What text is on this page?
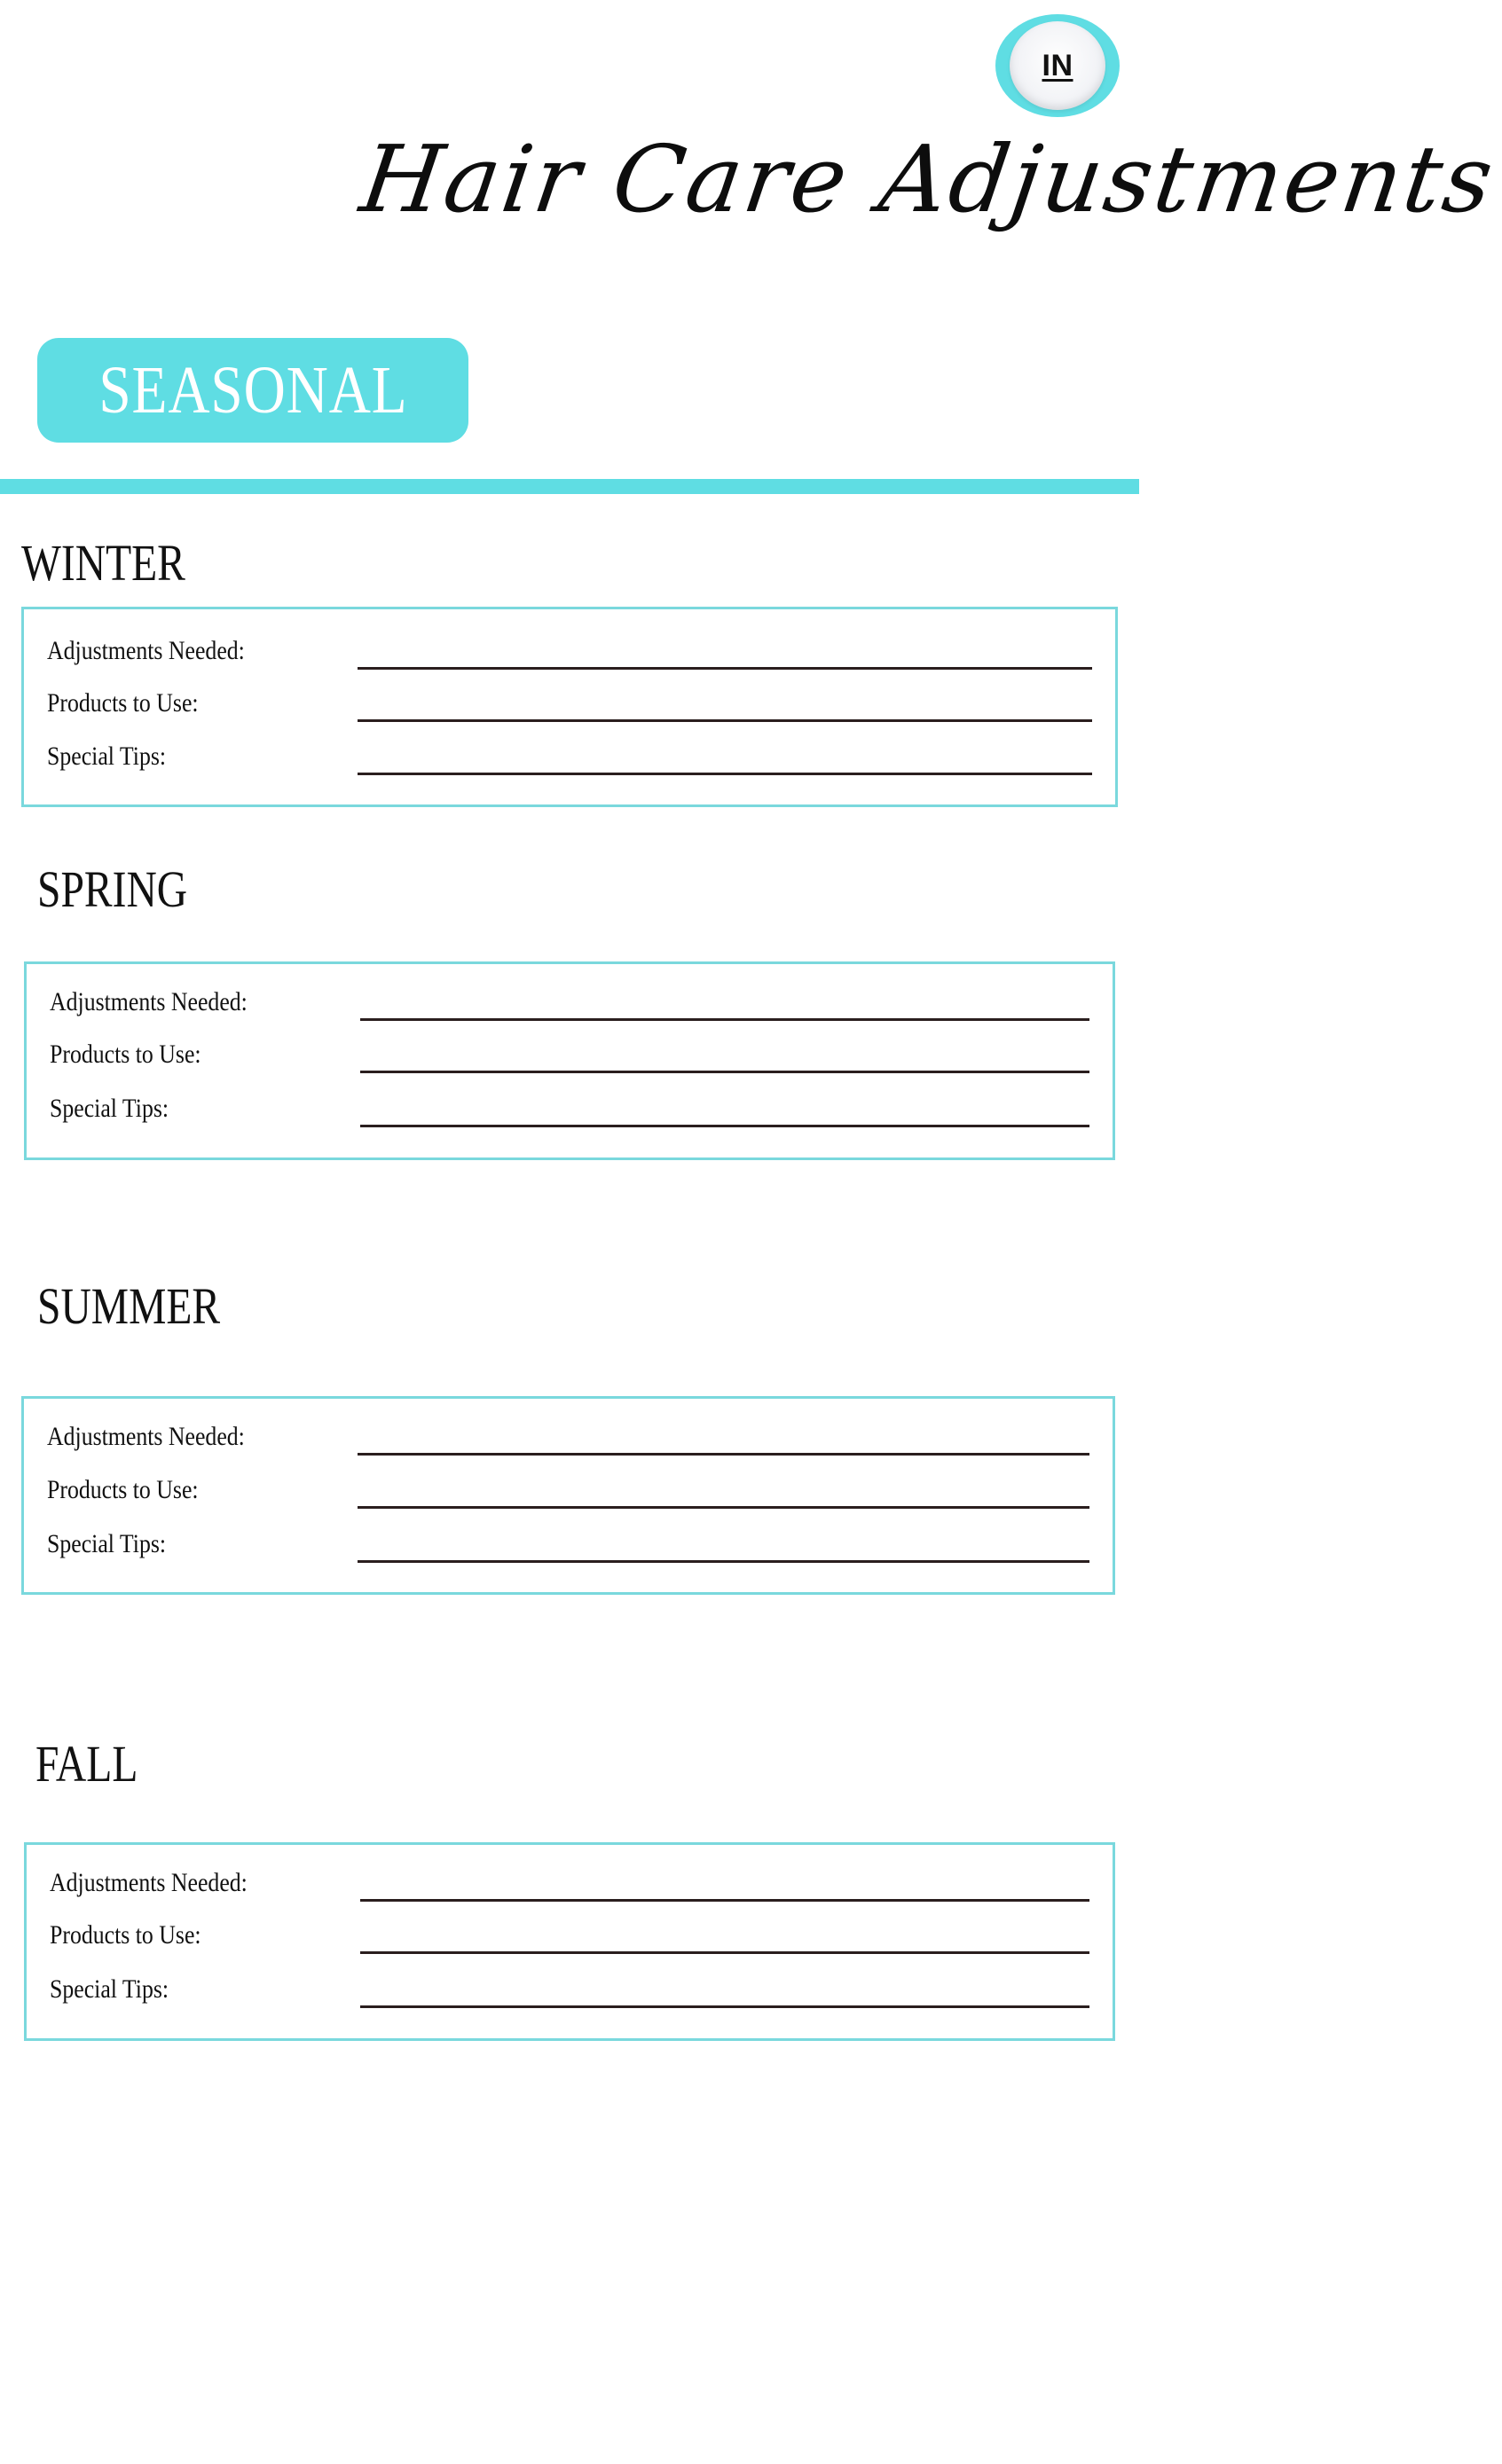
IN
Hair Care Adjustments
SEASONAL
WINTER
Adjustments Needed:
Products to Use:
Special Tips:
SPRING
Adjustments Needed:
Products to Use:
Special Tips:
SUMMER
Adjustments Needed:
Products to Use:
Special Tips:
FALL
Adjustments Needed:
Products to Use:
Special Tips:
